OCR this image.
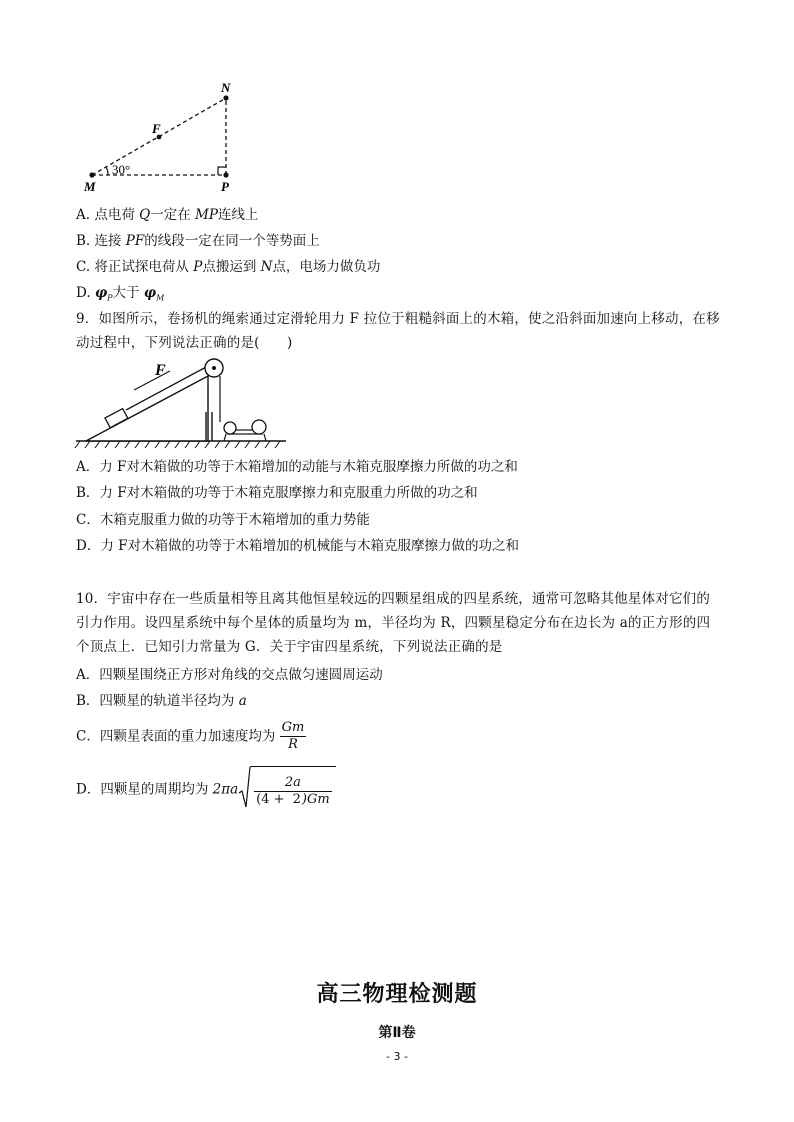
N
F
M	P
30°
A. 点电荷 Q一定在 MP连线上
B. 连接 PF的线段一定在同一个等势面上
C. 将正试探电荷从 P点搬运到 N点，电场力做负功
D. $\varphi_P$大于 $\varphi_M$
9．如图所示，卷扬机的绳索通过定滑轮用力 F 拉位于粗糙斜面上的木箱，使之沿斜面加速向上移动，在移动过程中，下列说法正确的是(　　)
F
A．力 F对木箱做的功等于木箱增加的动能与木箱克服摩擦力所做的功之和
B．力 F对木箱做的功等于木箱克服摩擦力和克服重力所做的功之和
C．木箱克服重力做的功等于木箱增加的重力势能
D．力 F对木箱做的功等于木箱增加的机械能与木箱克服摩擦力做的功之和
10．宇宙中存在一些质量相等且离其他恒星较远的四颗星组成的四星系统，通常可忽略其他星体对它们的引力作用。设四星系统中每个星体的质量均为 m，半径均为 R，四颗星稳定分布在边长为 a的正方形的四个顶点上．已知引力常量为 G．关于宇宙四星系统，下列说法正确的是
A．四颗星围绕正方形对角线的交点做匀速圆周运动
B．四颗星的轨道半径均为 a
C．四颗星表面的重力加速度均为 $\frac{Gm}{R}$
D．四颗星的周期均为 $2\pi a \frac{2a}{(4 + 2)Gm}$
高三物理检测题
第Ⅱ卷
- 3 -
